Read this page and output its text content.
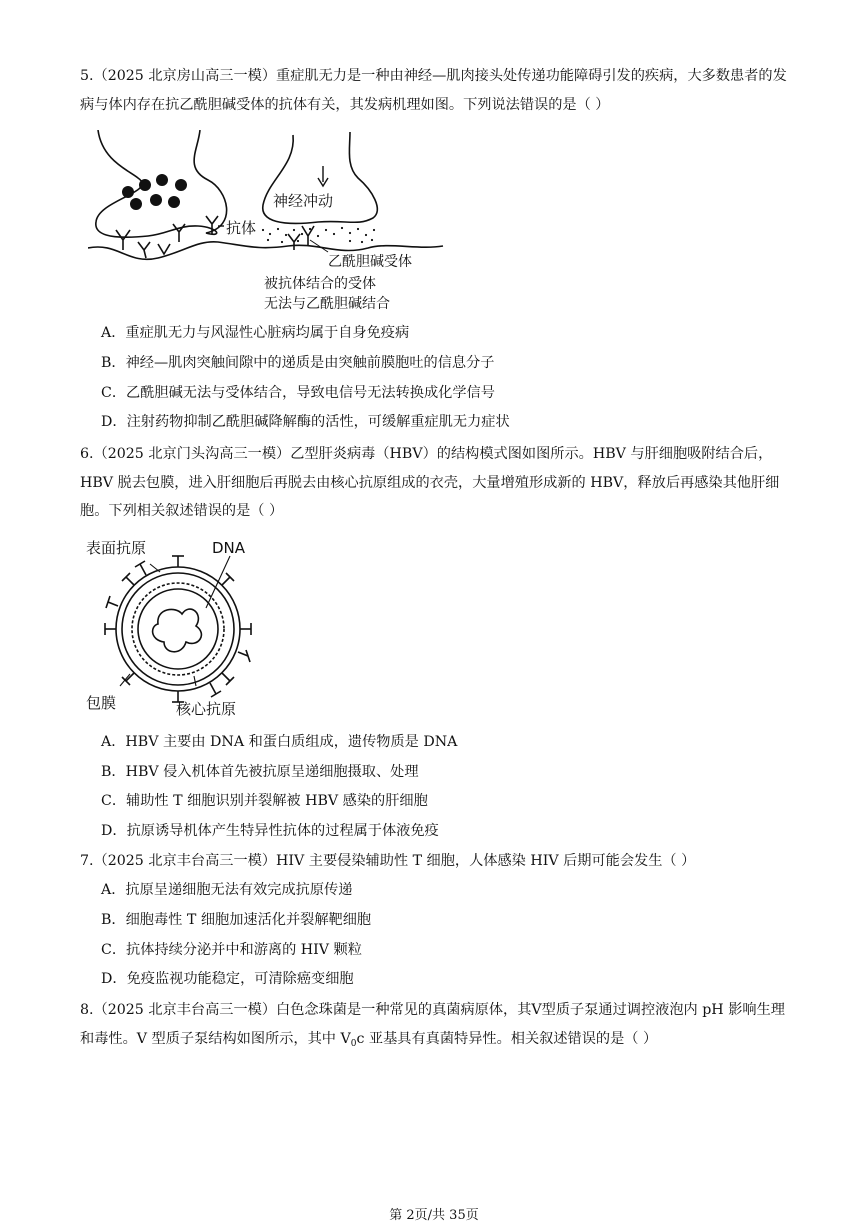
5.（2025 北京房山高三一模）重症肌无力是一种由神经—肌肉接头处传递功能障碍引发的疾病，大多数患者的发病与体内存在抗乙酰胆碱受体的抗体有关，其发病机理如图。下列说法错误的是（ ）
神经冲动
抗体
乙酰胆碱受体
被抗体结合的受体
无法与乙酰胆碱结合
A．重症肌无力与风湿性心脏病均属于自身免疫病
B．神经—肌肉突触间隙中的递质是由突触前膜胞吐的信息分子
C．乙酰胆碱无法与受体结合，导致电信号无法转换成化学信号
D．注射药物抑制乙酰胆碱降解酶的活性，可缓解重症肌无力症状
6.（2025 北京门头沟高三一模）乙型肝炎病毒（HBV）的结构模式图如图所示。HBV 与肝细胞吸附结合后，HBV 脱去包膜，进入肝细胞后再脱去由核心抗原组成的衣壳，大量增殖形成新的 HBV，释放后再感染其他肝细胞。下列相关叙述错误的是（ ）
表面抗原	DNA
包膜	核心抗原
A．HBV 主要由 DNA 和蛋白质组成，遗传物质是 DNA
B．HBV 侵入机体首先被抗原呈递细胞摄取、处理
C．辅助性 T 细胞识别并裂解被 HBV 感染的肝细胞
D．抗原诱导机体产生特异性抗体的过程属于体液免疫
7.（2025 北京丰台高三一模）HIV 主要侵染辅助性 T 细胞，人体感染 HIV 后期可能会发生（ ）
A．抗原呈递细胞无法有效完成抗原传递
B．细胞毒性 T 细胞加速活化并裂解靶细胞
C．抗体持续分泌并中和游离的 HIV 颗粒
D．免疫监视功能稳定，可清除癌变细胞
8.（2025 北京丰台高三一模）白色念珠菌是一种常见的真菌病原体，其V型质子泵通过调控液泡内 pH 影响生理和毒性。V 型质子泵结构如图所示，其中 $V_0c$ 亚基具有真菌特异性。相关叙述错误的是（ ）
第 2页/共 35页
